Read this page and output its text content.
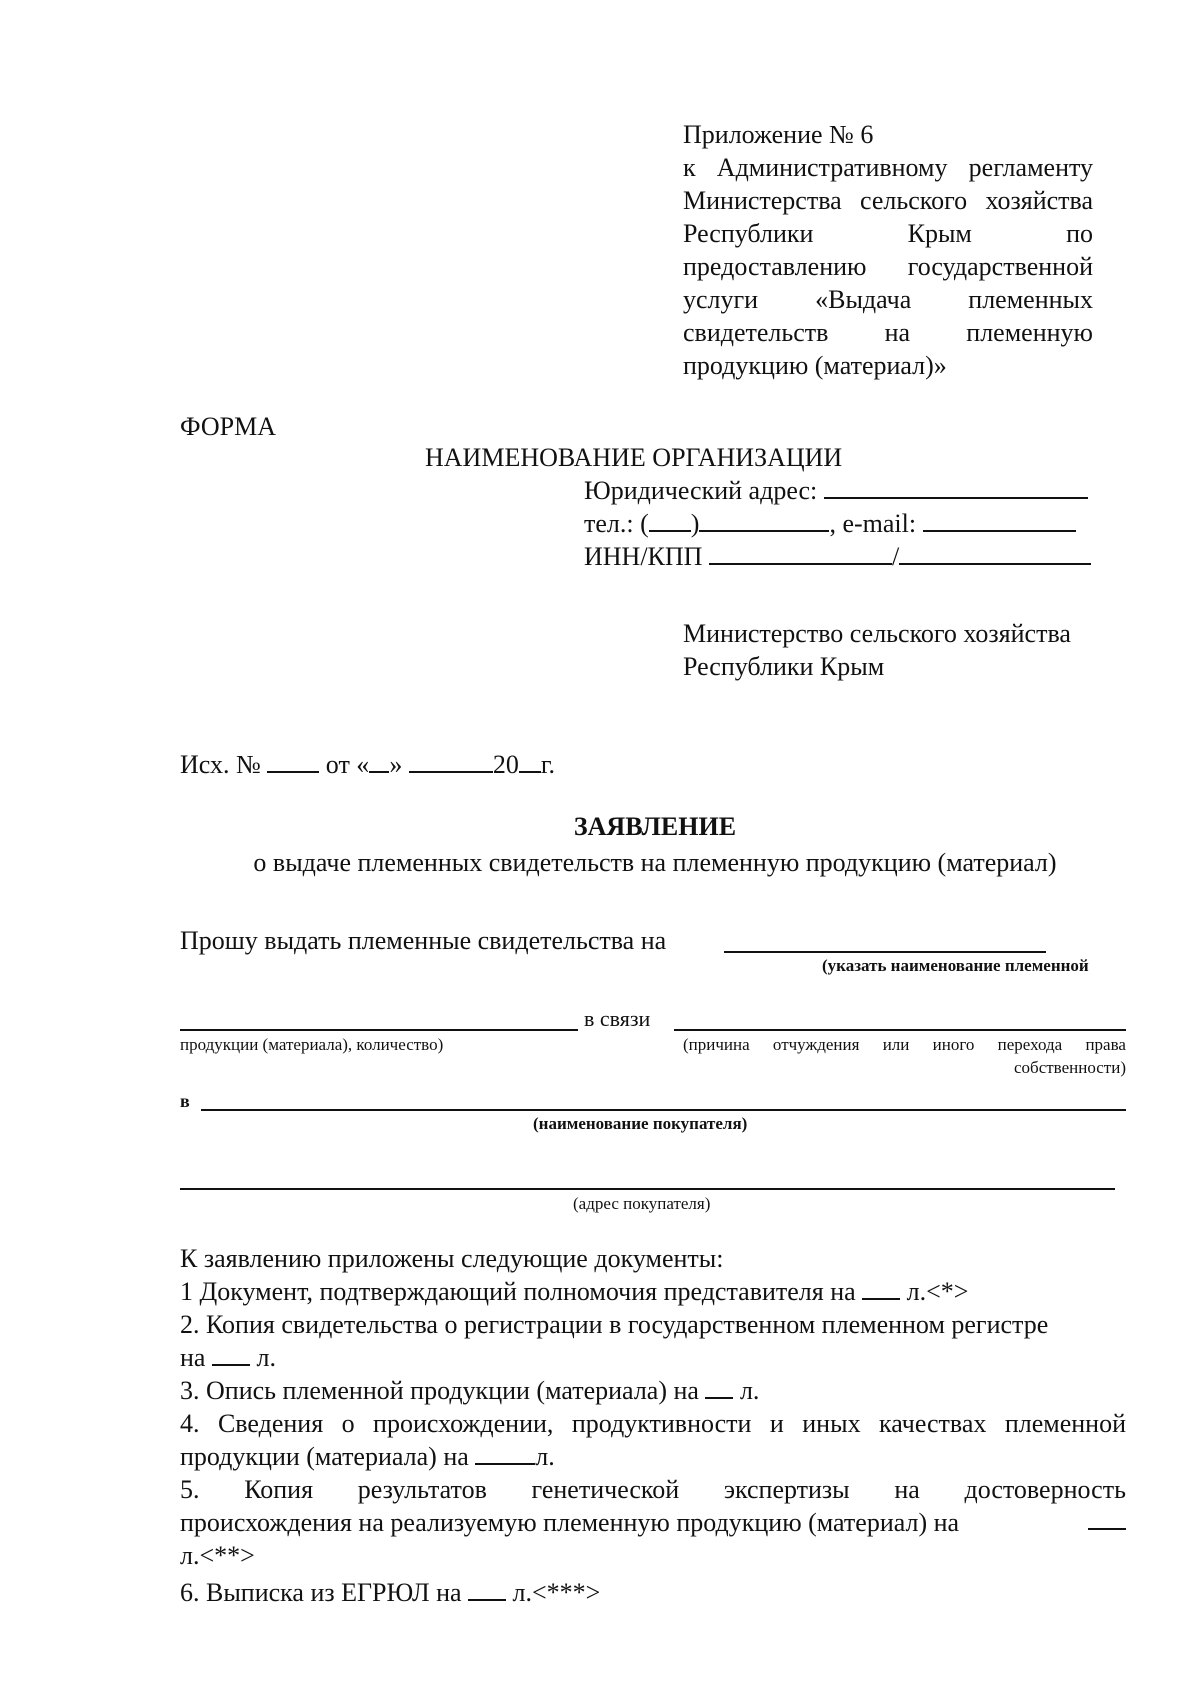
Приложение № 6
к Административному регламенту
Министерства сельского хозяйства
Республики	Крым	по
предоставлению государственной
услуги «Выдача племенных
свидетельств на племенную
продукцию (материал)»
ФОРМА
НАИМЕНОВАНИЕ ОРГАНИЗАЦИИ
Юридический адрес:
тел.: ( )	, e-mail:
ИНН/КПП	/
Министерство сельского хозяйства
Республики Крым
Исх. №	от « »	20 г.
ЗАЯВЛЕНИЕ
о выдаче племенных свидетельств на племенную продукцию (материал)
Прошу выдать племенные свидетельства на
(указать наименование племенной
в связи
продукции (материала), количество)	(причина отчуждения или иного перехода права
собственности)
в
(наименование покупателя)
(адрес покупателя)
К заявлению приложены следующие документы:
1 Документ, подтверждающий полномочия представителя на л.<*>
2. Копия свидетельства о регистрации в государственном племенном регистре
на л.
3. Опись племенной продукции (материала) на л.
4. Сведения о происхождении, продуктивности и иных качествах племенной
продукции (материала) на	л.
5. Копия результатов генетической экспертизы на достоверность
происхождения на реализуемую племенную продукцию (материал) на
л.<**>
6. Выписка из ЕГРЮЛ на л.<***>
